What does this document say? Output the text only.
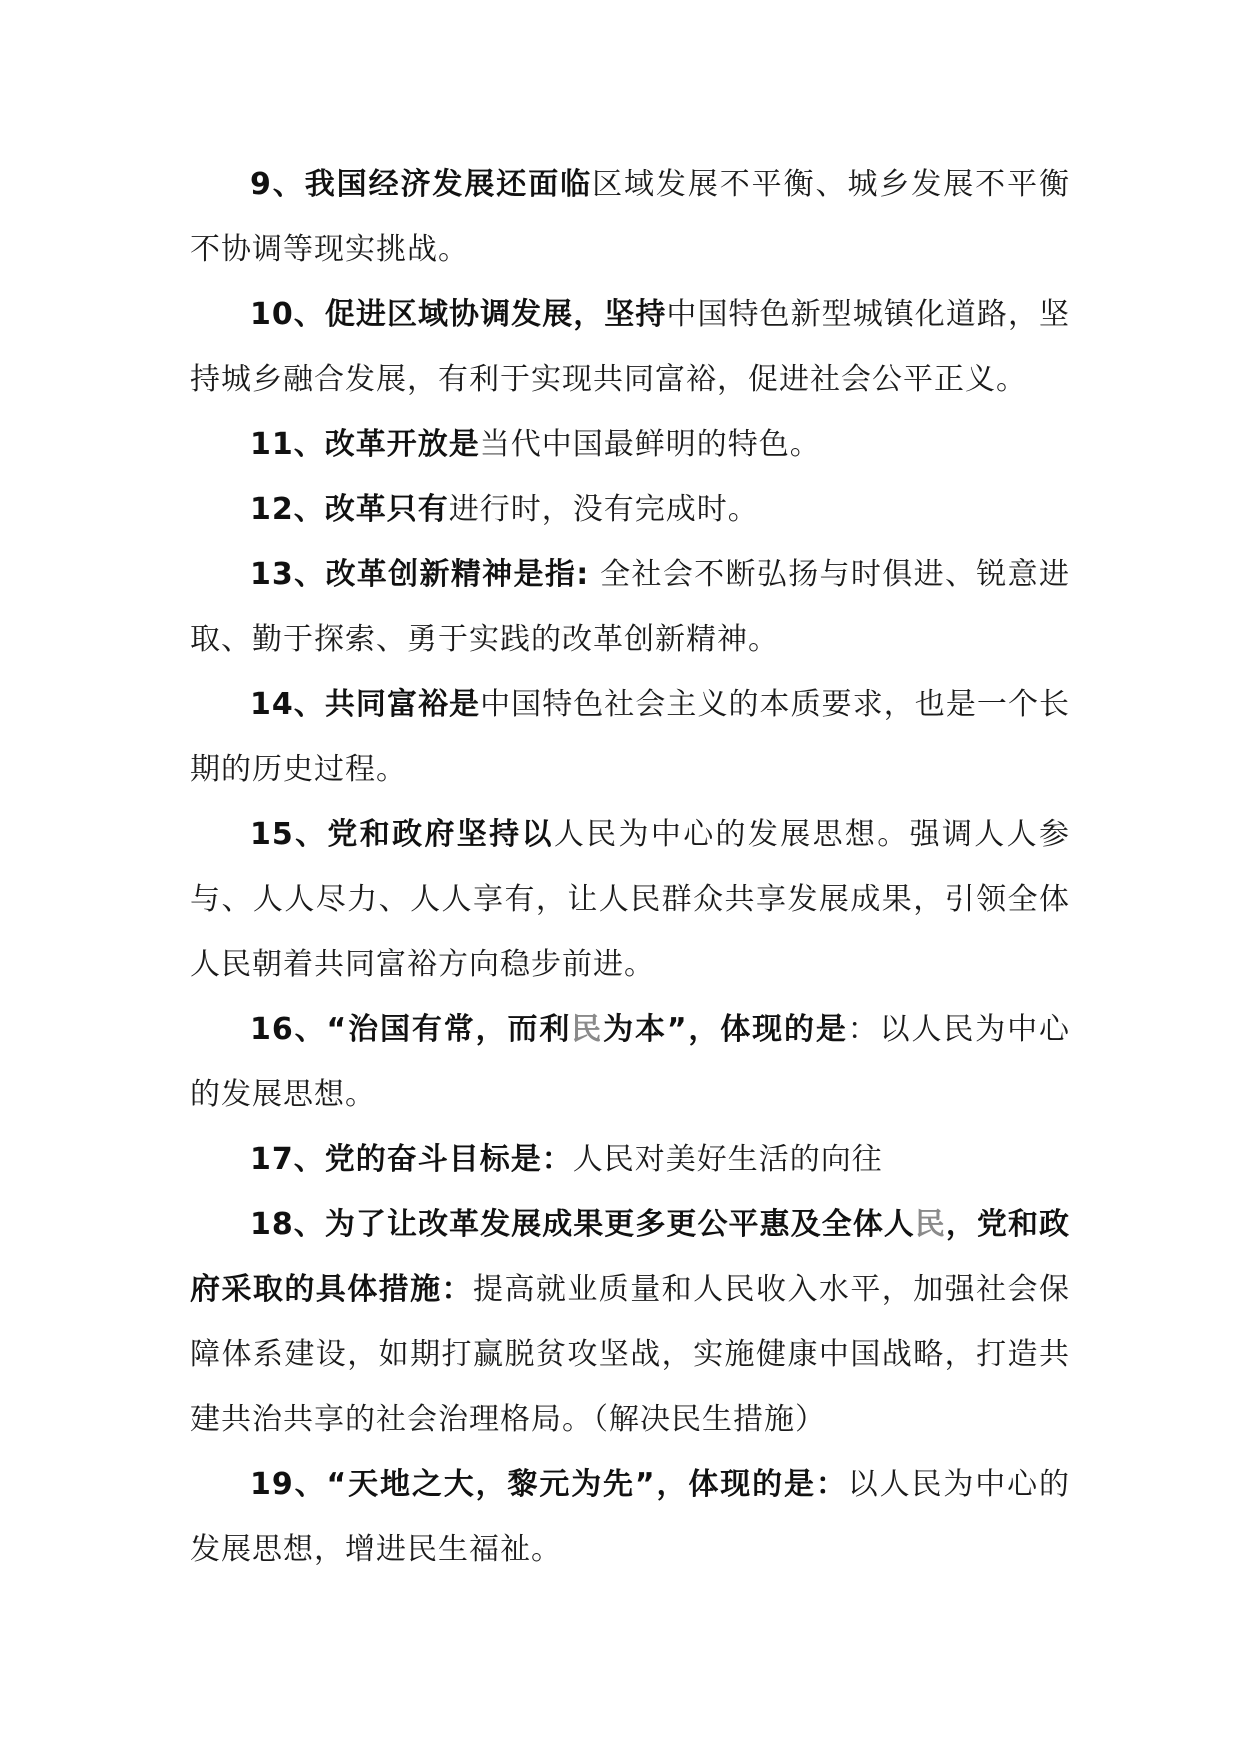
9、我国经济发展还面临区域发展不平衡、城乡发展不平衡不协调等现实挑战。

10、促进区域协调发展，坚持中国特色新型城镇化道路，坚持城乡融合发展，有利于实现共同富裕，促进社会公平正义。

11、改革开放是当代中国最鲜明的特色。

12、改革只有进行时，没有完成时。

13、改革创新精神是指: 全社会不断弘扬与时俱进、锐意进取、勤于探索、勇于实践的改革创新精神。

14、共同富裕是中国特色社会主义的本质要求，也是一个长期的历史过程。

15、党和政府坚持以人民为中心的发展思想。强调人人参与、人人尽力、人人享有，让人民群众共享发展成果，引领全体人民朝着共同富裕方向稳步前进。

16、“治国有常，而利民为本”，体现的是：以人民为中心的发展思想。

17、党的奋斗目标是：人民对美好生活的向往

18、为了让改革发展成果更多更公平惠及全体人民，党和政府采取的具体措施：提高就业质量和人民收入水平，加强社会保障体系建设，如期打赢脱贫攻坚战，实施健康中国战略，打造共建共治共享的社会治理格局。（解决民生措施）

19、“天地之大，黎元为先”，体现的是：以人民为中心的发展思想，增进民生福祉。
